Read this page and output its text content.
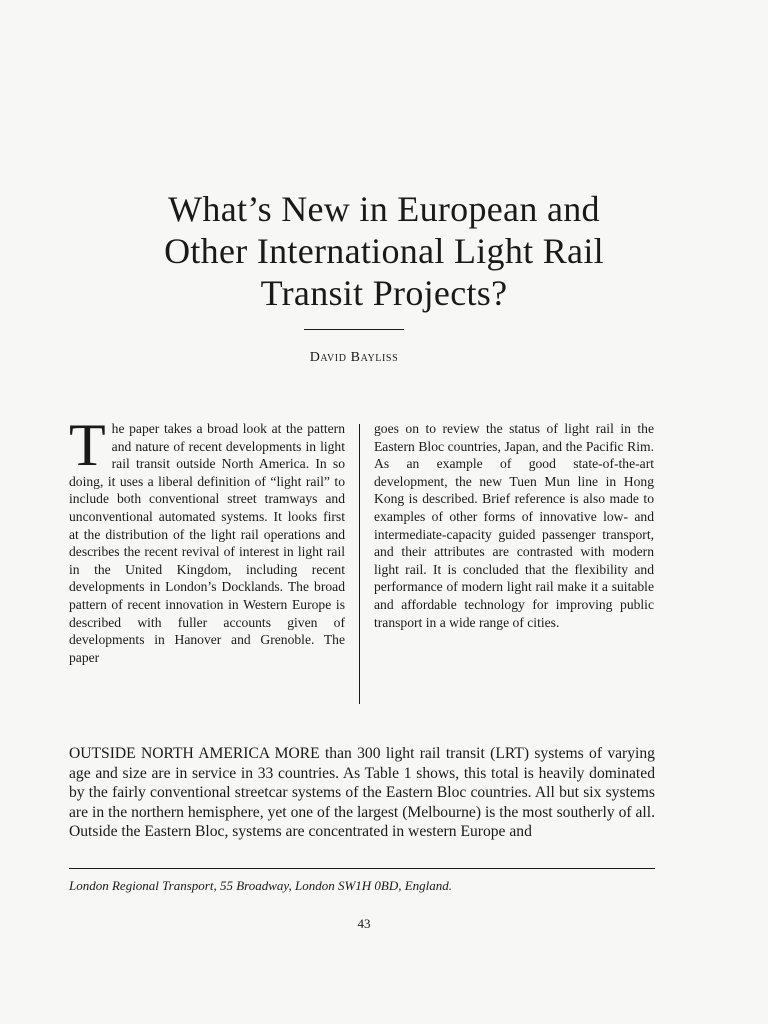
What’s New in European and
Other International Light Rail
Transit Projects?
David Bayliss
T he paper takes a broad look at the pattern and nature of recent developments in light rail transit outside North America. In so doing, it uses a liberal definition of “light rail” to include both conventional street tramways and unconventional automated systems. It looks first at the distribution of the light rail operations and describes the recent revival of interest in light rail in the United Kingdom, including recent developments in London’s Docklands. The broad pattern of recent innovation in Western Europe is described with fuller accounts given of developments in Hanover and Grenoble. The paper
goes on to review the status of light rail in the Eastern Bloc countries, Japan, and the Pacific Rim. As an example of good state-of-the-art development, the new Tuen Mun line in Hong Kong is described. Brief reference is also made to examples of other forms of innovative low- and intermediate-capacity guided passenger transport, and their attributes are contrasted with modern light rail. It is concluded that the flexibility and performance of modern light rail make it a suitable and affordable technology for improving public transport in a wide range of cities.
OUTSIDE NORTH AMERICA MORE than 300 light rail transit (LRT) systems of varying age and size are in service in 33 countries. As Table 1 shows, this total is heavily dominated by the fairly conventional streetcar systems of the Eastern Bloc countries. All but six systems are in the northern hemisphere, yet one of the largest (Melbourne) is the most southerly of all. Outside the Eastern Bloc, systems are concentrated in western Europe and
London Regional Transport, 55 Broadway, London SW1H 0BD, England.
43
